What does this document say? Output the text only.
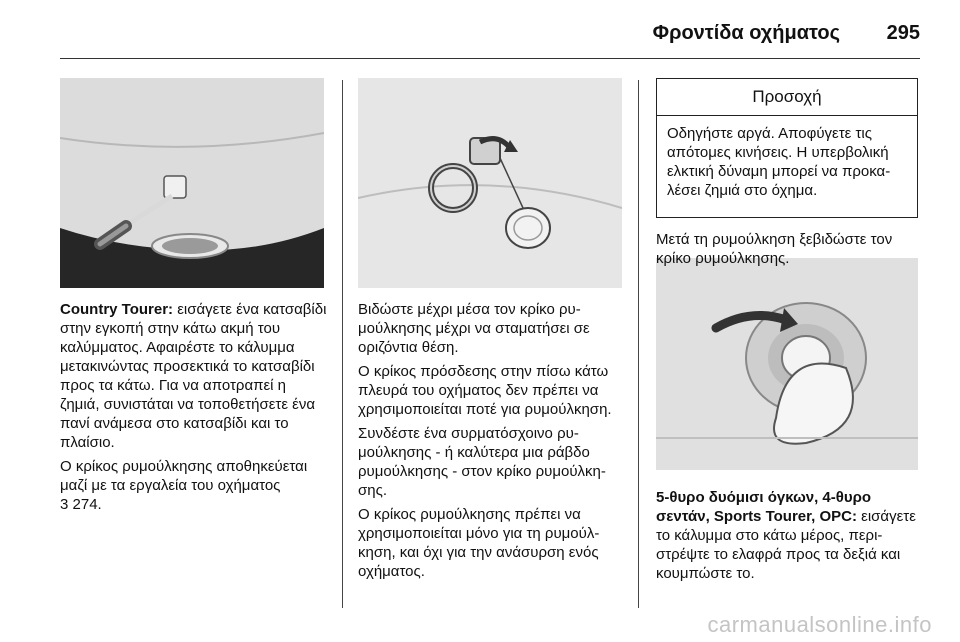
Φροντίδα οχήματος 295

Country Tourer: εισάγετε ένα κατσαβίδι στην εγκοπή στην κάτω ακμή του καλύμματος. Αφαιρέστε το κάλυμμα μετακινώντας προσεκτικά το κατσαβίδι προς τα κάτω. Για να αποτραπεί η ζημιά, συνιστάται να τοποθετήσετε ένα πανί ανάμεσα στο κατσαβίδι και το πλαίσιο.

Ο κρίκος ρυμούλκησης αποθηκεύεται μαζί με τα εργαλεία του οχήματος
3 274.

Βιδώστε μέχρι μέσα τον κρίκο ρυμούλκησης μέχρι να σταματήσει σε οριζόντια θέση.

Ο κρίκος πρόσδεσης στην πίσω κάτω πλευρά του οχήματος δεν πρέπει να χρησιμοποιείται ποτέ για ρυμούλκηση.

Συνδέστε ένα συρματόσχοινο ρυμούλκησης - ή καλύτερα μια ράβδο ρυμούλκησης - στον κρίκο ρυμούλκησης.

Ο κρίκος ρυμούλκησης πρέπει να χρησιμοποιείται μόνο για τη ρυμούλκηση, και όχι για την ανάσυρση ενός οχήματος.

Προσοχή
Οδηγήστε αργά. Αποφύγετε τις απότομες κινήσεις. Η υπερβολική ελκτική δύναμη μπορεί να προκαλέσει ζημιά στο όχημα.

Μετά τη ρυμούλκηση ξεβιδώστε τον κρίκο ρυμούλκησης.

5-θυρο δυόμισι όγκων, 4-θυρο σεντάν, Sports Tourer, OPC: εισάγετε το κάλυμμα στο κάτω μέρος, περιστρέψτε το ελαφρά προς τα δεξιά και κουμπώστε το.

carmanualsonline.info
